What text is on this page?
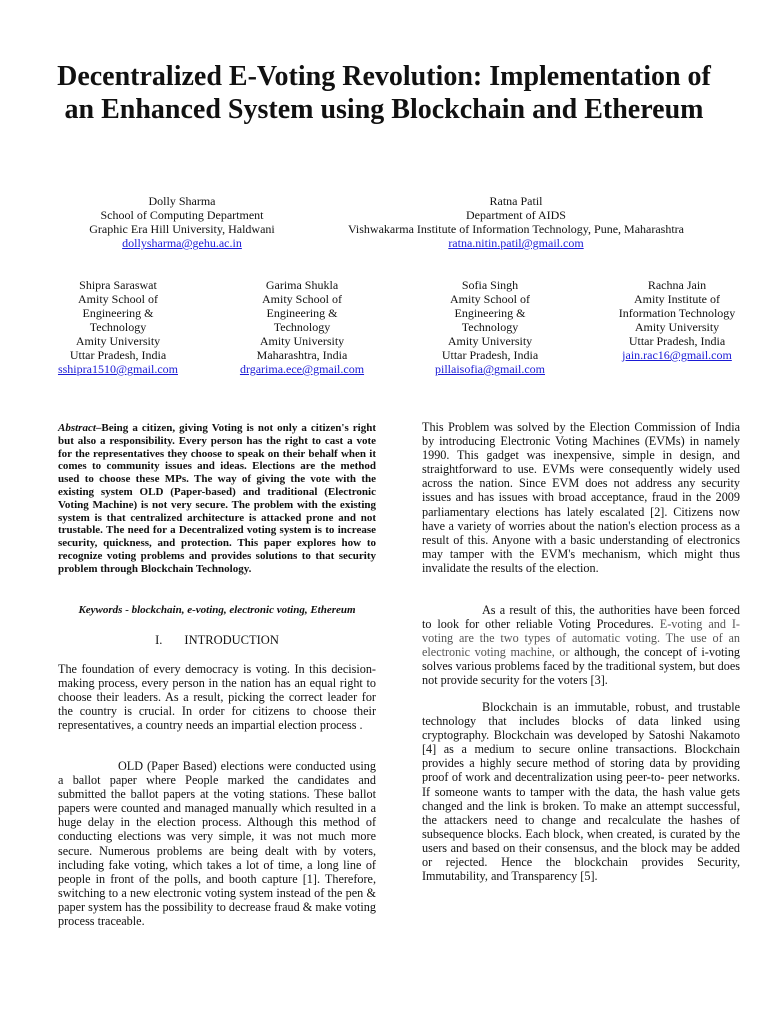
Decentralized E-Voting Revolution: Implementation of an Enhanced System using Blockchain and Ethereum
Dolly Sharma
School of Computing Department
Graphic Era Hill University, Haldwani
dollysharma@gehu.ac.in
Ratna Patil
Department of AIDS
Vishwakarma Institute of Information Technology, Pune, Maharashtra
ratna.nitin.patil@gmail.com
Shipra Saraswat
Amity School of
Engineering &
Technology
Amity University
Uttar Pradesh, India
sshipra1510@gmail.com
Garima Shukla
Amity School of
Engineering &
Technology
Amity University
Maharashtra, India
drgarima.ece@gmail.com
Sofia Singh
Amity School of
Engineering &
Technology
Amity University
Uttar Pradesh, India
pillaisofia@gmail.com
Rachna Jain
Amity Institute of
Information Technology
Amity University
Uttar Pradesh, India
jain.rac16@gmail.com

Abstract–Being a citizen, giving Voting is not only a citizen's right but also a responsibility. Every person has the right to cast a vote for the representatives they choose to speak on their behalf when it comes to community issues and ideas. Elections are the method used to choose these MPs. The way of giving the vote with the existing system OLD (Paper-based) and traditional (Electronic Voting Machine) is not very secure. The problem with the existing system is that centralized architecture is attacked prone and not trustable. The need for a Decentralized voting system is to increase security, quickness, and protection. This paper explores how to recognize voting problems and provides solutions to that security problem through Blockchain Technology.

Keywords - blockchain, e-voting, electronic voting, Ethereum
I. INTRODUCTION

The foundation of every democracy is voting. In this decision- making process, every person in the nation has an equal right to choose their leaders. As a result, picking the correct leader for the country is crucial. In order for citizens to choose their representatives, a country needs an impartial election process .

OLD (Paper Based) elections were conducted using a ballot paper where People marked the candidates and submitted the ballot papers at the voting stations. These ballot papers were counted and managed manually which resulted in a huge delay in the election process. Although this method of conducting elections was very simple, it was not much more secure. Numerous problems are being dealt with by voters, including fake voting, which takes a lot of time, a long line of people in front of the polls, and booth capture [1]. Therefore, switching to a new electronic voting system instead of the pen & paper system has the possibility to decrease fraud & make voting process traceable.

This Problem was solved by the Election Commission of India by introducing Electronic Voting Machines (EVMs) in namely 1990. This gadget was inexpensive, simple in design, and straightforward to use. EVMs were consequently widely used across the nation. Since EVM does not address any security issues and has issues with broad acceptance, fraud in the 2009 parliamentary elections has lately escalated [2]. Citizens now have a variety of worries about the nation's election process as a result of this. Anyone with a basic understanding of electronics may tamper with the EVM's mechanism, which might thus invalidate the results of the election.

As a result of this, the authorities have been forced to look for other reliable Voting Procedures. E-voting and I-voting are the two types of automatic voting. The use of an electronic voting machine, or although, the concept of i-voting solves various problems faced by the traditional system, but does not provide security for the voters [3].

Blockchain is an immutable, robust, and trustable technology that includes blocks of data linked using cryptography. Blockchain was developed by Satoshi Nakamoto [4] as a medium to secure online transactions. Blockchain provides a highly secure method of storing data by providing proof of work and decentralization using peer-to- peer networks. If someone wants to tamper with the data, the hash value gets changed and the link is broken. To make an attempt successful, the attackers need to change and recalculate the hashes of subsequence blocks. Each block, when created, is curated by the users and based on their consensus, and the block may be added or rejected. Hence the blockchain provides Security, Immutability, and Transparency [5].
